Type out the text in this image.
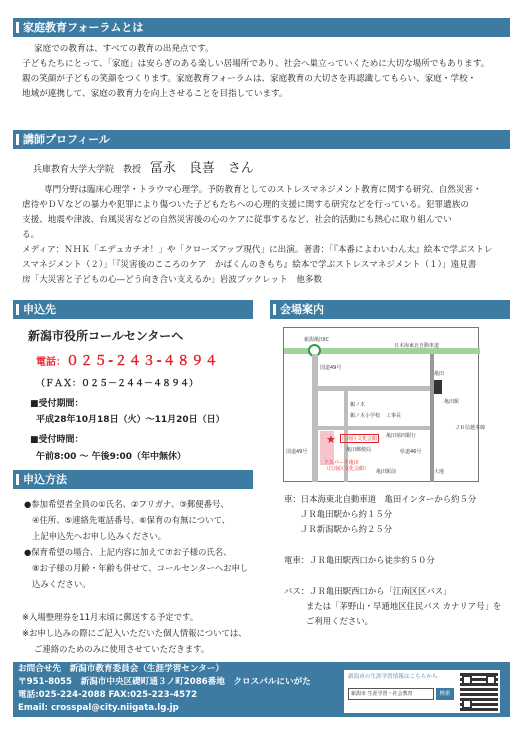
家庭教育フォーラムとは

家庭での教育は、すべての教育の出発点です。

子どもたちにとって、「家庭」は安らぎのある楽しい居場所であり、社会へ巣立っていくために大切な場所でもあります。

親の笑顔が子どもの笑顔をつくります。家庭教育フォーラムは、家庭教育の大切さを再認識してもらい、家庭・学校・

地域が連携して、家庭の教育力を向上させることを目指しています。

講師プロフィール
兵庫教育大学大学院　教授 冨永　良喜　さん

専門分野は臨床心理学・トラウマ心理学。予防教育としてのストレスマネジメント教育に関する研究、自然災害・

虐待やＤＶなどの暴力や犯罪により傷ついた子どもたちへの心理的支援に関する研究などを行っている。犯罪遺族の

支援、地震や津波、台風災害などの自然災害後の心のケアに従事するなど、社会的活動にも熱心に取り組んでい

る。

メディア：ＮＨＫ「エデュカチオ！」や「クローズアップ現代」に出演。著書：「『本番によわいわん太』絵本で学ぶストレ

スマネジメント（２）」「『災害後のこころのケア　かばくんのきもち』絵本で学ぶストレスマネジメント（１）」遠見書

房「大災害と子どもの心—どう向き合い支えるか」岩波ブックレット　他多数

申込先
新潟市役所コールセンターへ
電話：０２５-２４３-４８９４
（ＦＡＸ：０２５－２４４－４８９４）
■受付期間：
平成28年10月18日（火）～11月20日（日）
■受付時間：
午前8:00 ～ 午後9:00（年中無休）
申込方法

●参加希望者全員の①氏名、②フリガナ、③郵便番号、

④住所、⑤連絡先電話番号、⑥保育の有無について、

上記申込先へお申し込みください。

●保育希望の場合、上記内容に加えて⑦お子様の氏名、

⑧お子様の月齢・年齢も併せて、コールセンターへお申し

込みください。

※入場整理券を11月末頃に郵送する予定です。

※お申し込みの際にご記入いただいた個人情報については、

ご連絡のためのみに使用させていただきます。

会場案内
日本海東北自動車道
新潟亀田IC
国道49号
亀田
亀田駅
ＪＲ信越本線
鵜ノ木小学校
鵜ノ木
工事長
国道49号
★	江南区文化会館
亀田郵便局
亀田第四銀行
県道46号
アスパーク亀田
（江南区文化会館） 亀田駅前	大地

車：日本海東北自動車道　亀田インターから約５分

ＪＲ亀田駅から約１５分

ＪＲ新潟駅から約２５分

電車：ＪＲ亀田駅西口から徒歩約５０分

バス：ＪＲ亀田駅西口から「江南区区バス」

または「茅野山・早通地区住民バス カナリア号」を

ご利用ください。

お問合せ先　新潟市教育委員会（生涯学習センター）
〒951-8055　新潟市中央区礎町通３ノ町2086番地　クロスパルにいがた
電話:025-224-2088 FAX:025-223-4572
Email: crosspal@city.niigata.lg.jp
新潟市の生涯学習情報はこちらから
新潟市 生涯学習・社会教育	検索
